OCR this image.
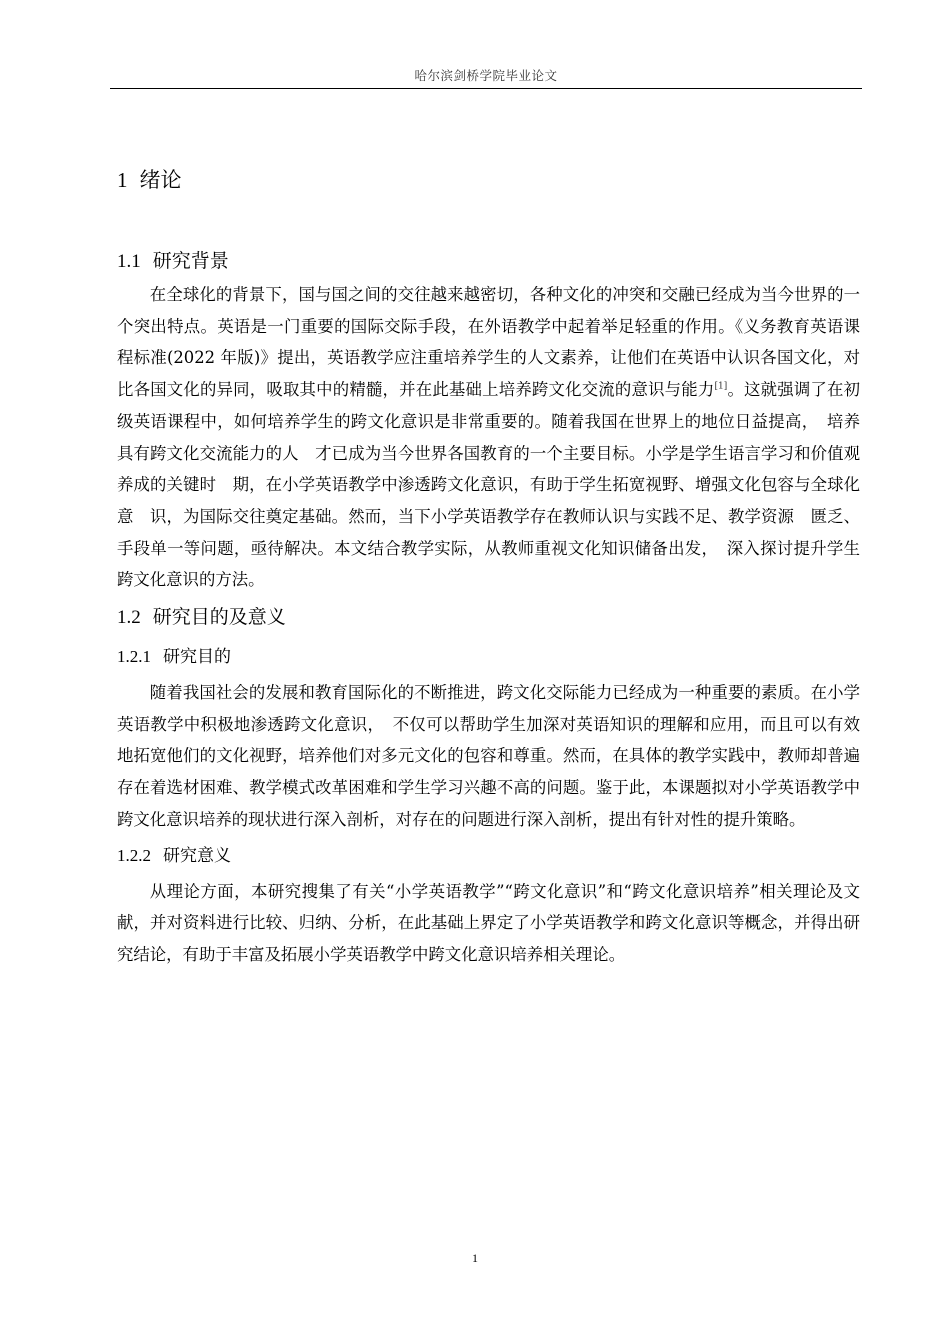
哈尔滨剑桥学院毕业论文
1 绪论
1.1 研究背景

在全球化的背景下，国与国之间的交往越来越密切，各种文化的冲突和交融已经成为当今世界的一个突出特点。英语是一门重要的国际交际手段，在外语教学中起着举足轻重的作用。《义务教育英语课程标准(2022 年版)》提出，英语教学应注重培养学生的人文素养，让他们在英语中认识各国文化，对比各国文化的异同，吸取其中的精髓，并在此基础上培养跨文化交流的意识与能力[1]。这就强调了在初级英语课程中，如何培养学生的跨文化意识是非常重要的。随着我国在世界上的地位日益提高，　培养具有跨文化交流能力的人　才已成为当今世界各国教育的一个主要目标。小学是学生语言学习和价值观养成的关键时　期，在小学英语教学中渗透跨文化意识，有助于学生拓宽视野、增强文化包容与全球化意　识，为国际交往奠定基础。然而，当下小学英语教学存在教师认识与实践不足、教学资源　匮乏、手段单一等问题，亟待解决。本文结合教学实际，从教师重视文化知识储备出发，　深入探讨提升学生跨文化意识的方法。

1.2 研究目的及意义
1.2.1 研究目的

随着我国社会的发展和教育国际化的不断推进，跨文化交际能力已经成为一种重要的素质。在小学英语教学中积极地渗透跨文化意识，　不仅可以帮助学生加深对英语知识的理解和应用，而且可以有效地拓宽他们的文化视野，培养他们对多元文化的包容和尊重。然而，在具体的教学实践中，教师却普遍存在着选材困难、教学模式改革困难和学生学习兴趣不高的问题。鉴于此，本课题拟对小学英语教学中跨文化意识培养的现状进行深入剖析，对存在的问题进行深入剖析，提出有针对性的提升策略。

1.2.2 研究意义

从理论方面，本研究搜集了有关“小学英语教学”“跨文化意识”和“跨文化意识培养”相关理论及文献，并对资料进行比较、归纳、分析，在此基础上界定了小学英语教学和跨文化意识等概念，并得出研究结论，有助于丰富及拓展小学英语教学中跨文化意识培养相关理论。

1
